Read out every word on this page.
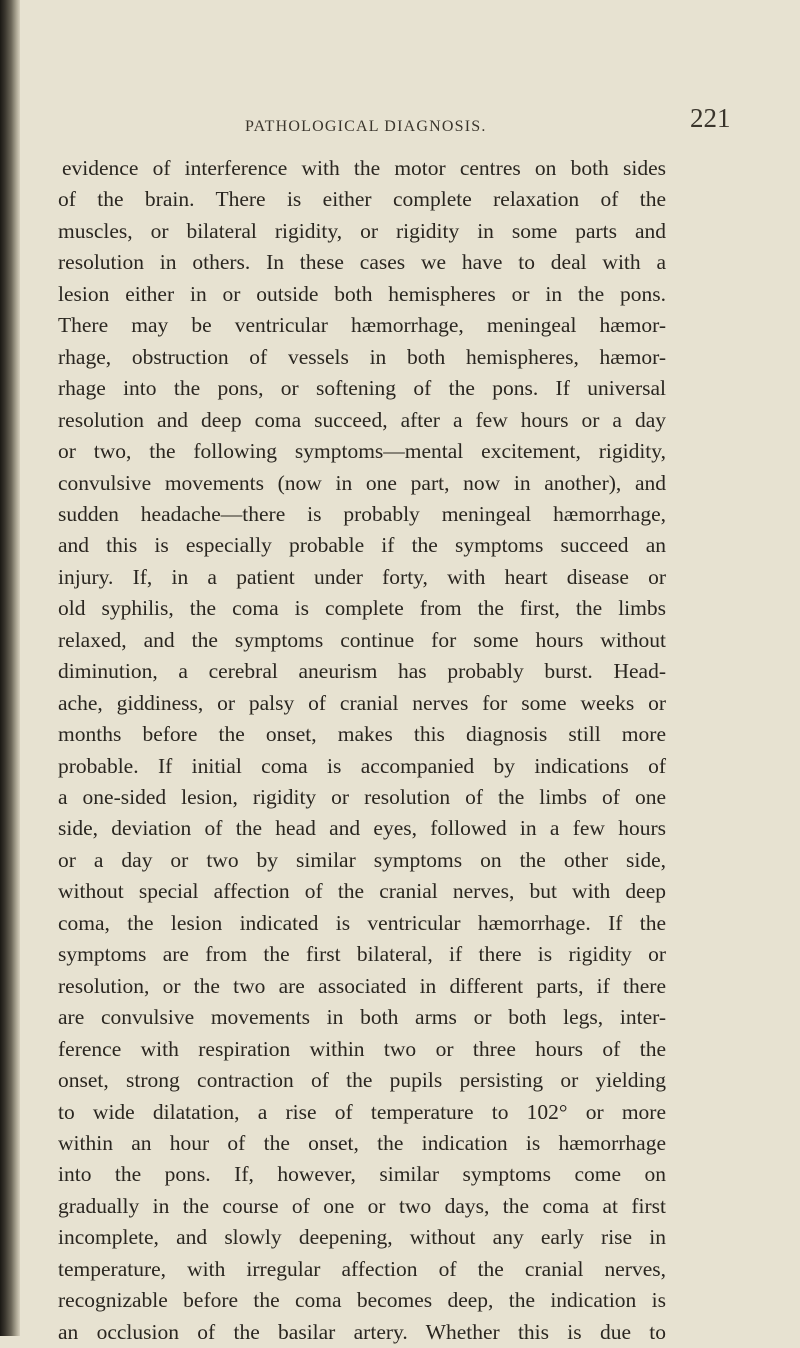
PATHOLOGICAL DIAGNOSIS.	221
evidence of interference with the motor centres on both sides
of the brain. There is either complete relaxation of the
muscles, or bilateral rigidity, or rigidity in some parts and
resolution in others. In these cases we have to deal with a
lesion either in or outside both hemispheres or in the pons.
There may be ventricular hæmorrhage, meningeal hæmor-
rhage, obstruction of vessels in both hemispheres, hæmor-
rhage into the pons, or softening of the pons. If universal
resolution and deep coma succeed, after a few hours or a day
or two, the following symptoms—mental excitement, rigidity,
convulsive movements (now in one part, now in another), and
sudden headache—there is probably meningeal hæmorrhage,
and this is especially probable if the symptoms succeed an
injury. If, in a patient under forty, with heart disease or
old syphilis, the coma is complete from the first, the limbs
relaxed, and the symptoms continue for some hours without
diminution, a cerebral aneurism has probably burst. Head-
ache, giddiness, or palsy of cranial nerves for some weeks or
months before the onset, makes this diagnosis still more
probable. If initial coma is accompanied by indications of
a one-sided lesion, rigidity or resolution of the limbs of one
side, deviation of the head and eyes, followed in a few hours
or a day or two by similar symptoms on the other side,
without special affection of the cranial nerves, but with deep
coma, the lesion indicated is ventricular hæmorrhage. If the
symptoms are from the first bilateral, if there is rigidity or
resolution, or the two are associated in different parts, if there
are convulsive movements in both arms or both legs, inter-
ference with respiration within two or three hours of the
onset, strong contraction of the pupils persisting or yielding
to wide dilatation, a rise of temperature to 102° or more
within an hour of the onset, the indication is hæmorrhage
into the pons. If, however, similar symptoms come on
gradually in the course of one or two days, the coma at first
incomplete, and slowly deepening, without any early rise in
temperature, with irregular affection of the cranial nerves,
recognizable before the coma becomes deep, the indication is
an occlusion of the basilar artery. Whether this is due to
